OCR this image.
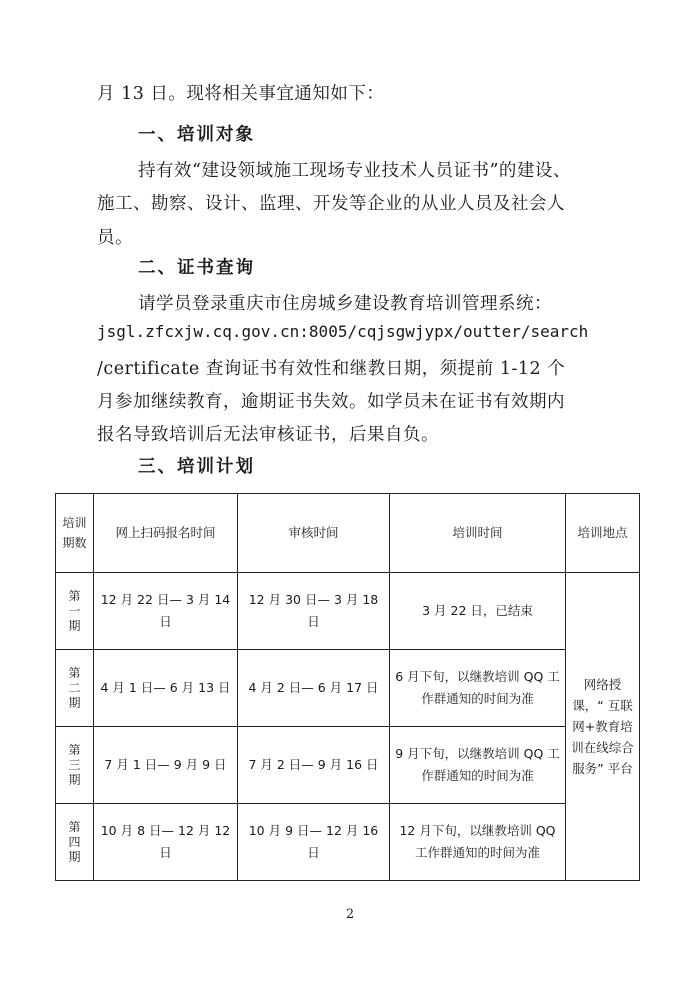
月 13 日。现将相关事宜通知如下：
一、培训对象
持有效“建设领域施工现场专业技术人员证书”的建设、
施工、勘察、设计、监理、开发等企业的从业人员及社会人
员。
二、证书查询
请学员登录重庆市住房城乡建设教育培训管理系统：
jsgl.zfcxjw.cq.gov.cn:8005/cqjsgwjypx/outter/search
/certificate 查询证书有效性和继教日期，须提前 1-12 个
月参加继续教育，逾期证书失效。如学员未在证书有效期内
报名导致培训后无法审核证书，后果自负。
三、培训计划
培训期数	网上扫码报名时间	审核时间	培训时间	培训地点

第一期	12 月 22 日— 3 月 14 日	12 月 30 日— 3 月 18 日	3 月 22 日，已结束	网络授课，“ 互联网+教育培训在线综合服务” 平台

第二期	4 月 1 日— 6 月 13 日	4 月 2 日— 6 月 17 日	6 月下旬，以继教培训 QQ 工作群通知的时间为准	

第三期	7 月 1 日— 9 月 9 日	7 月 2 日— 9 月 16 日	9 月下旬，以继教培训 QQ 工作群通知的时间为准	

第四期	10 月 8 日— 12 月 12 日	10 月 9 日— 12 月 16 日	12 月下旬，以继教培训 QQ 工作群通知的时间为准	
2
